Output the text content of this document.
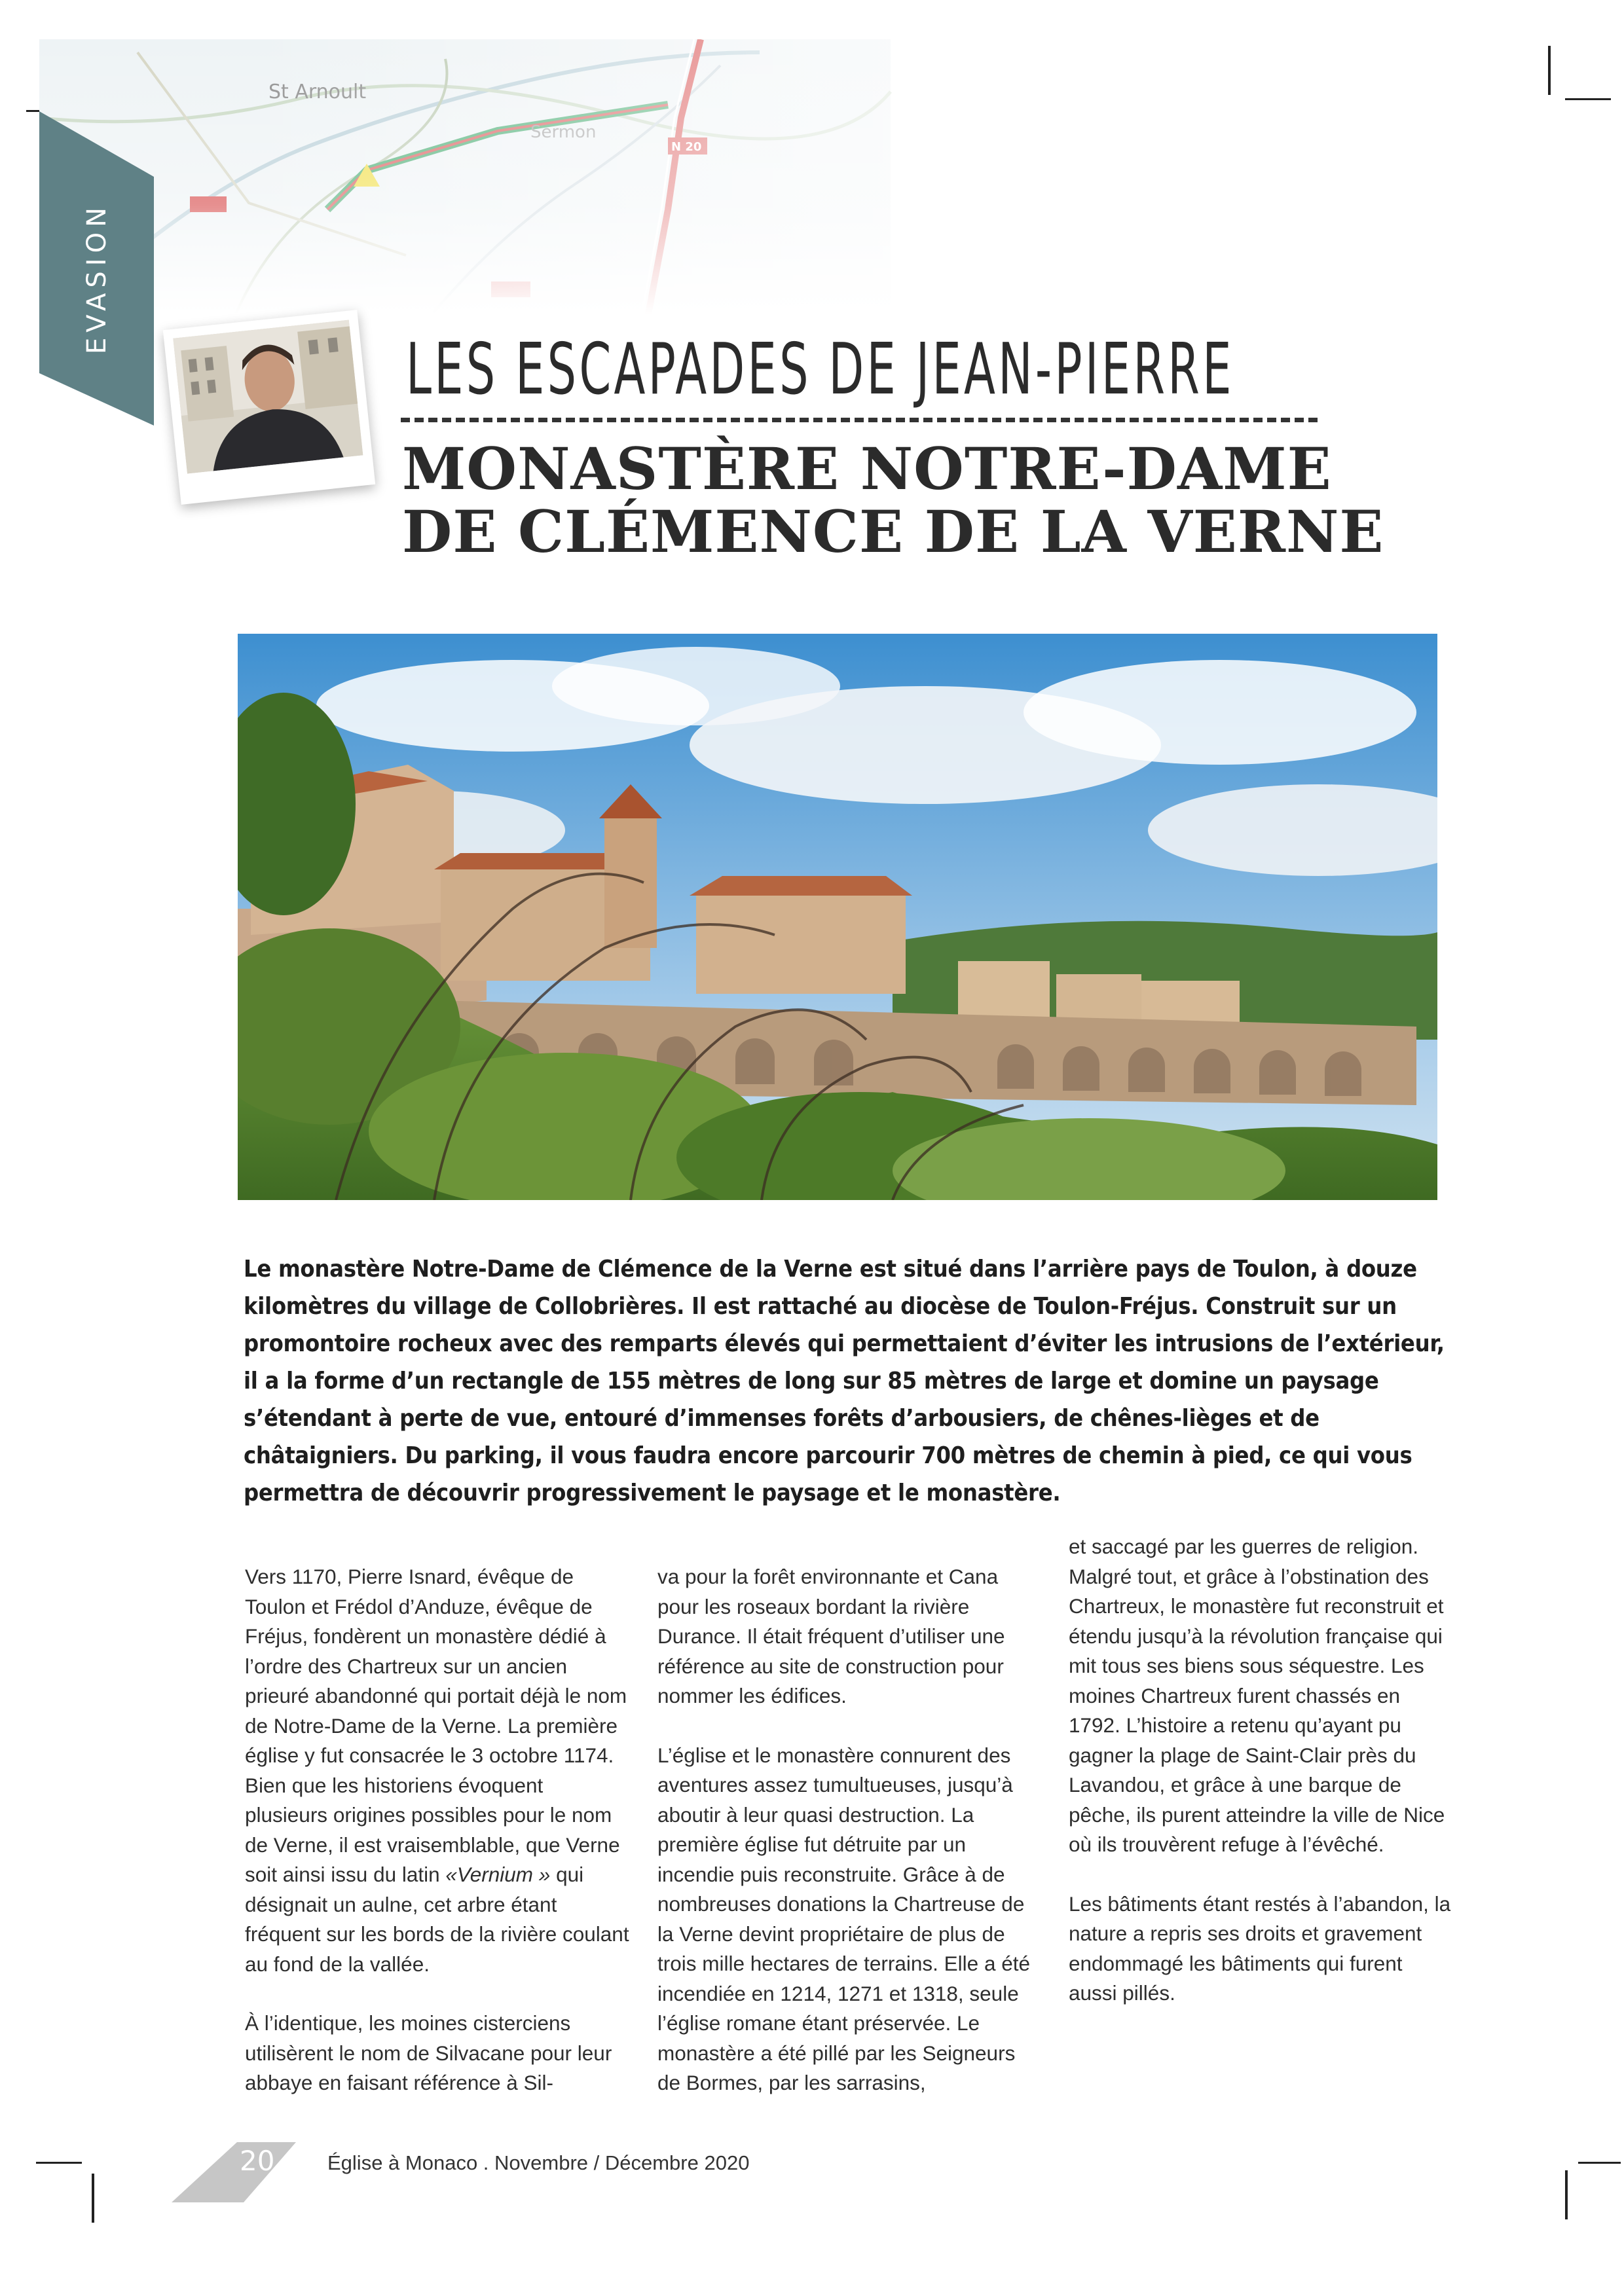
EVASION
LES ESCAPADES DE JEAN-PIERRE
MONASTÈRE NOTRE-DAME
DE CLÉMENCE DE LA VERNE

Le monastère Notre-Dame de Clémence de la Verne est situé dans l’arrière pays de Toulon, à douze kilomètres du village de Collobrières. Il est rattaché au diocèse de Toulon-Fréjus. Construit sur un promontoire rocheux avec des remparts élevés qui permettaient d’éviter les intrusions de l’extérieur, il a la forme d’un rectangle de 155 mètres de long sur 85 mètres de large et domine un paysage s’étendant à perte de vue, entouré d’immenses forêts d’arbousiers, de chênes-lièges et de châtaigniers. Du parking, il vous faudra encore parcourir 700 mètres de chemin à pied, ce qui vous permettra de découvrir progressivement le paysage et le monastère.

Vers 1170, Pierre Isnard, évêque de Toulon et Frédol d’Anduze, évêque de Fréjus, fondèrent un monastère dédié à l’ordre des Chartreux sur un ancien prieuré abandonné qui portait déjà le nom de Notre-Dame de la Verne. La première église y fut consacrée le 3 octobre 1174. Bien que les historiens évoquent plusieurs origines possibles pour le nom de Verne, il est vraisemblable, que Verne soit ainsi issu du latin «Vernium » qui désignait un aulne, cet arbre étant fréquent sur les bords de la rivière coulant au fond de la vallée.

À l’identique, les moines cisterciens utilisèrent le nom de Silvacane pour leur abbaye en faisant référence à Sil-

va pour la forêt environnante et Cana pour les roseaux bordant la rivière Durance. Il était fréquent d’utiliser une référence au site de construction pour nommer les édifices.

L’église et le monastère connurent des aventures assez tumultueuses, jusqu’à aboutir à leur quasi destruction. La première église fut détruite par un incendie puis reconstruite. Grâce à de nombreuses donations la Chartreuse de la Verne devint propriétaire de plus de trois mille hectares de terrains. Elle a été incendiée en 1214, 1271 et 1318, seule l’église romane étant préservée. Le monastère a été pillé par les Seigneurs de Bormes, par les sarrasins,

et saccagé par les guerres de religion. Malgré tout, et grâce à l’obstination des Chartreux, le monastère fut reconstruit et étendu jusqu’à la révolution française qui mit tous ses biens sous séquestre. Les moines Chartreux furent chassés en 1792. L’histoire a retenu qu’ayant pu gagner la plage de Saint-Clair près du Lavandou, et grâce à une barque de pêche, ils purent atteindre la ville de Nice où ils trouvèrent refuge à l’évêché.

Les bâtiments étant restés à l’abandon, la nature a repris ses droits et gravement endommagé les bâtiments qui furent aussi pillés.

20	Église à Monaco . Novembre / Décembre 2020
